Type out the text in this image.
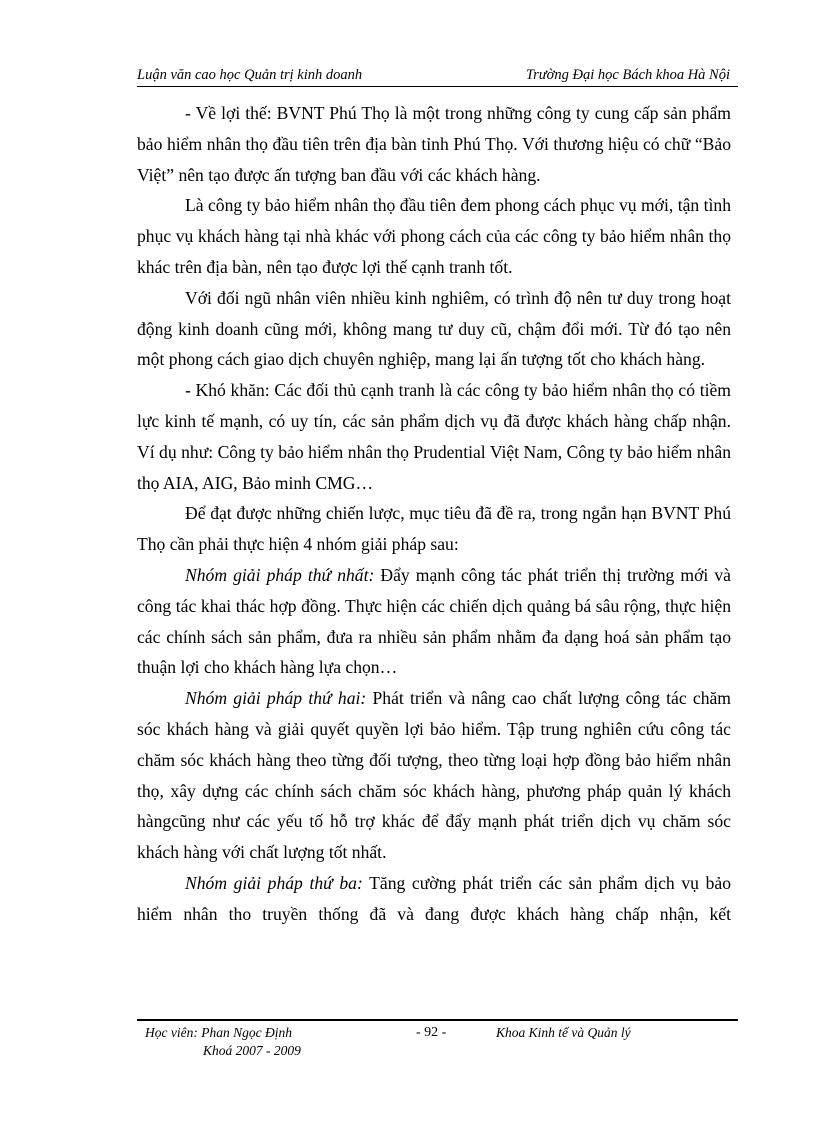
Luận văn cao học Quản trị kinh doanh	Trường Đại học Bách khoa Hà Nội

- Về lợi thế: BVNT Phú Thọ là một trong những công ty cung cấp sản phẩm bảo hiểm nhân thọ đầu tiên trên địa bàn tỉnh Phú Thọ. Với thương hiệu có chữ “Bảo Việt” nên tạo được ấn tượng ban đầu với các khách hàng.

Là công ty bảo hiểm nhân thọ đầu tiên đem phong cách phục vụ mới, tận tình phục vụ khách hàng tại nhà khác với phong cách của các công ty bảo hiểm nhân thọ khác trên địa bàn, nên tạo được lợi thế cạnh tranh tốt.

Với đối ngũ nhân viên nhiều kinh nghiêm, có trình độ nên tư duy trong hoạt động kinh doanh cũng mới, không mang tư duy cũ, chậm đổi mới. Từ đó tạo nên một phong cách giao dịch chuyên nghiệp, mang lại ấn tượng tốt cho khách hàng.

- Khó khăn: Các đối thủ cạnh tranh là các công ty bảo hiểm nhân thọ có tiềm lực kinh tế mạnh, có uy tín, các sản phẩm dịch vụ đã được khách hàng chấp nhận. Ví dụ như: Công ty bảo hiểm nhân thọ Prudential Việt Nam, Công ty bảo hiểm nhân thọ AIA, AIG, Bảo minh CMG…

Để đạt được những chiến lược, mục tiêu đã đề ra, trong ngắn hạn BVNT Phú Thọ cần phải thực hiện 4 nhóm giải pháp sau:

Nhóm giải pháp thứ nhất: Đẩy mạnh công tác phát triển thị trường mới và công tác khai thác hợp đồng. Thực hiện các chiến dịch quảng bá sâu rộng, thực hiện các chính sách sản phẩm, đưa ra nhiều sản phẩm nhằm đa dạng hoá sản phẩm tạo thuận lợi cho khách hàng lựa chọn…

Nhóm giải pháp thứ hai: Phát triển và nâng cao chất lượng công tác chăm sóc khách hàng và giải quyết quyền lợi bảo hiểm. Tập trung nghiên cứu công tác chăm sóc khách hàng theo từng đối tượng, theo từng loại hợp đồng bảo hiểm nhân thọ, xây dựng các chính sách chăm sóc khách hàng, phương pháp quản lý khách hàngcũng như các yếu tố hỗ trợ khác để đẩy mạnh phát triển dịch vụ chăm sóc khách hàng với chất lượng tốt nhất.

Nhóm giải pháp thứ ba: Tăng cường phát triển các sản phẩm dịch vụ bảo hiểm nhân tho truyền thống đã và đang được khách hàng chấp nhận, kết

Học viên: Phan Ngọc Định	- 92 -	Khoa Kinh tế và Quản lý
Khoá 2007 - 2009
